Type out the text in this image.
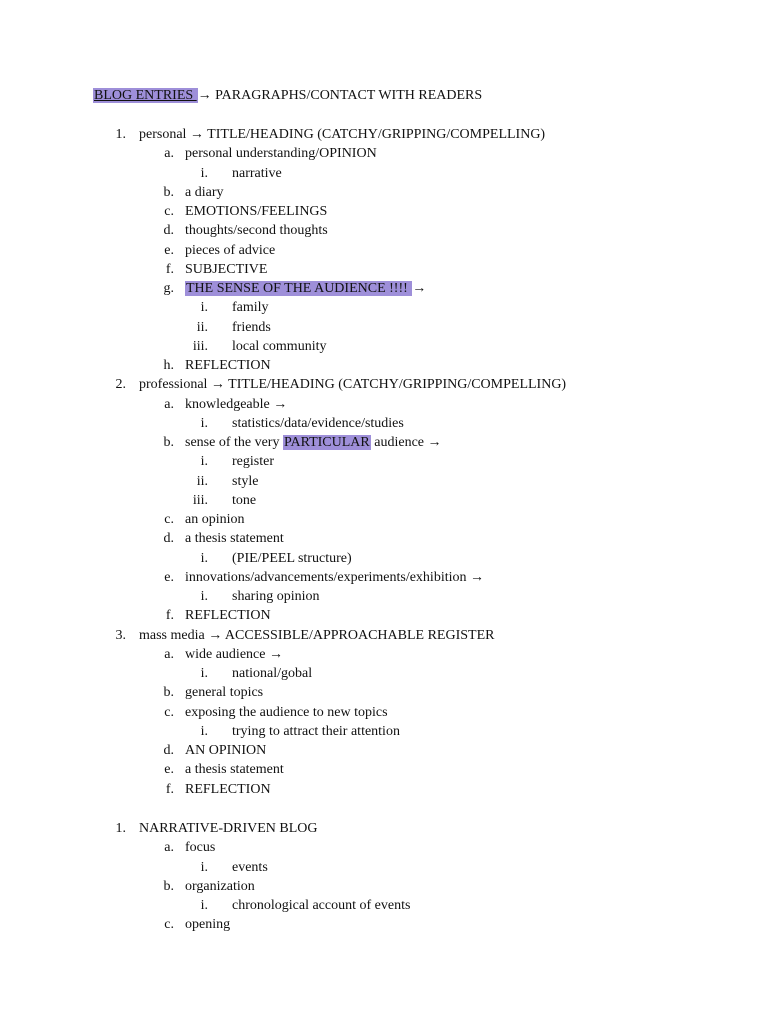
BLOG ENTRIES → PARAGRAPHS/CONTACT WITH READERS
1. personal → TITLE/HEADING (CATCHY/GRIPPING/COMPELLING)
a. personal understanding/OPINION
i. narrative
b. a diary
c. EMOTIONS/FEELINGS
d. thoughts/second thoughts
e. pieces of advice
f. SUBJECTIVE
g. THE SENSE OF THE AUDIENCE !!!! →
i. family
ii. friends
iii. local community
h. REFLECTION
2. professional → TITLE/HEADING (CATCHY/GRIPPING/COMPELLING)
a. knowledgeable →
i. statistics/data/evidence/studies
b. sense of the very PARTICULAR audience →
i. register
ii. style
iii. tone
c. an opinion
d. a thesis statement
i. (PIE/PEEL structure)
e. innovations/advancements/experiments/exhibition →
i. sharing opinion
f. REFLECTION
3. mass media → ACCESSIBLE/APPROACHABLE REGISTER
a. wide audience →
i. national/gobal
b. general topics
c. exposing the audience to new topics
i. trying to attract their attention
d. AN OPINION
e. a thesis statement
f. REFLECTION
1. NARRATIVE-DRIVEN BLOG
a. focus
i. events
b. organization
i. chronological account of events
c. opening
